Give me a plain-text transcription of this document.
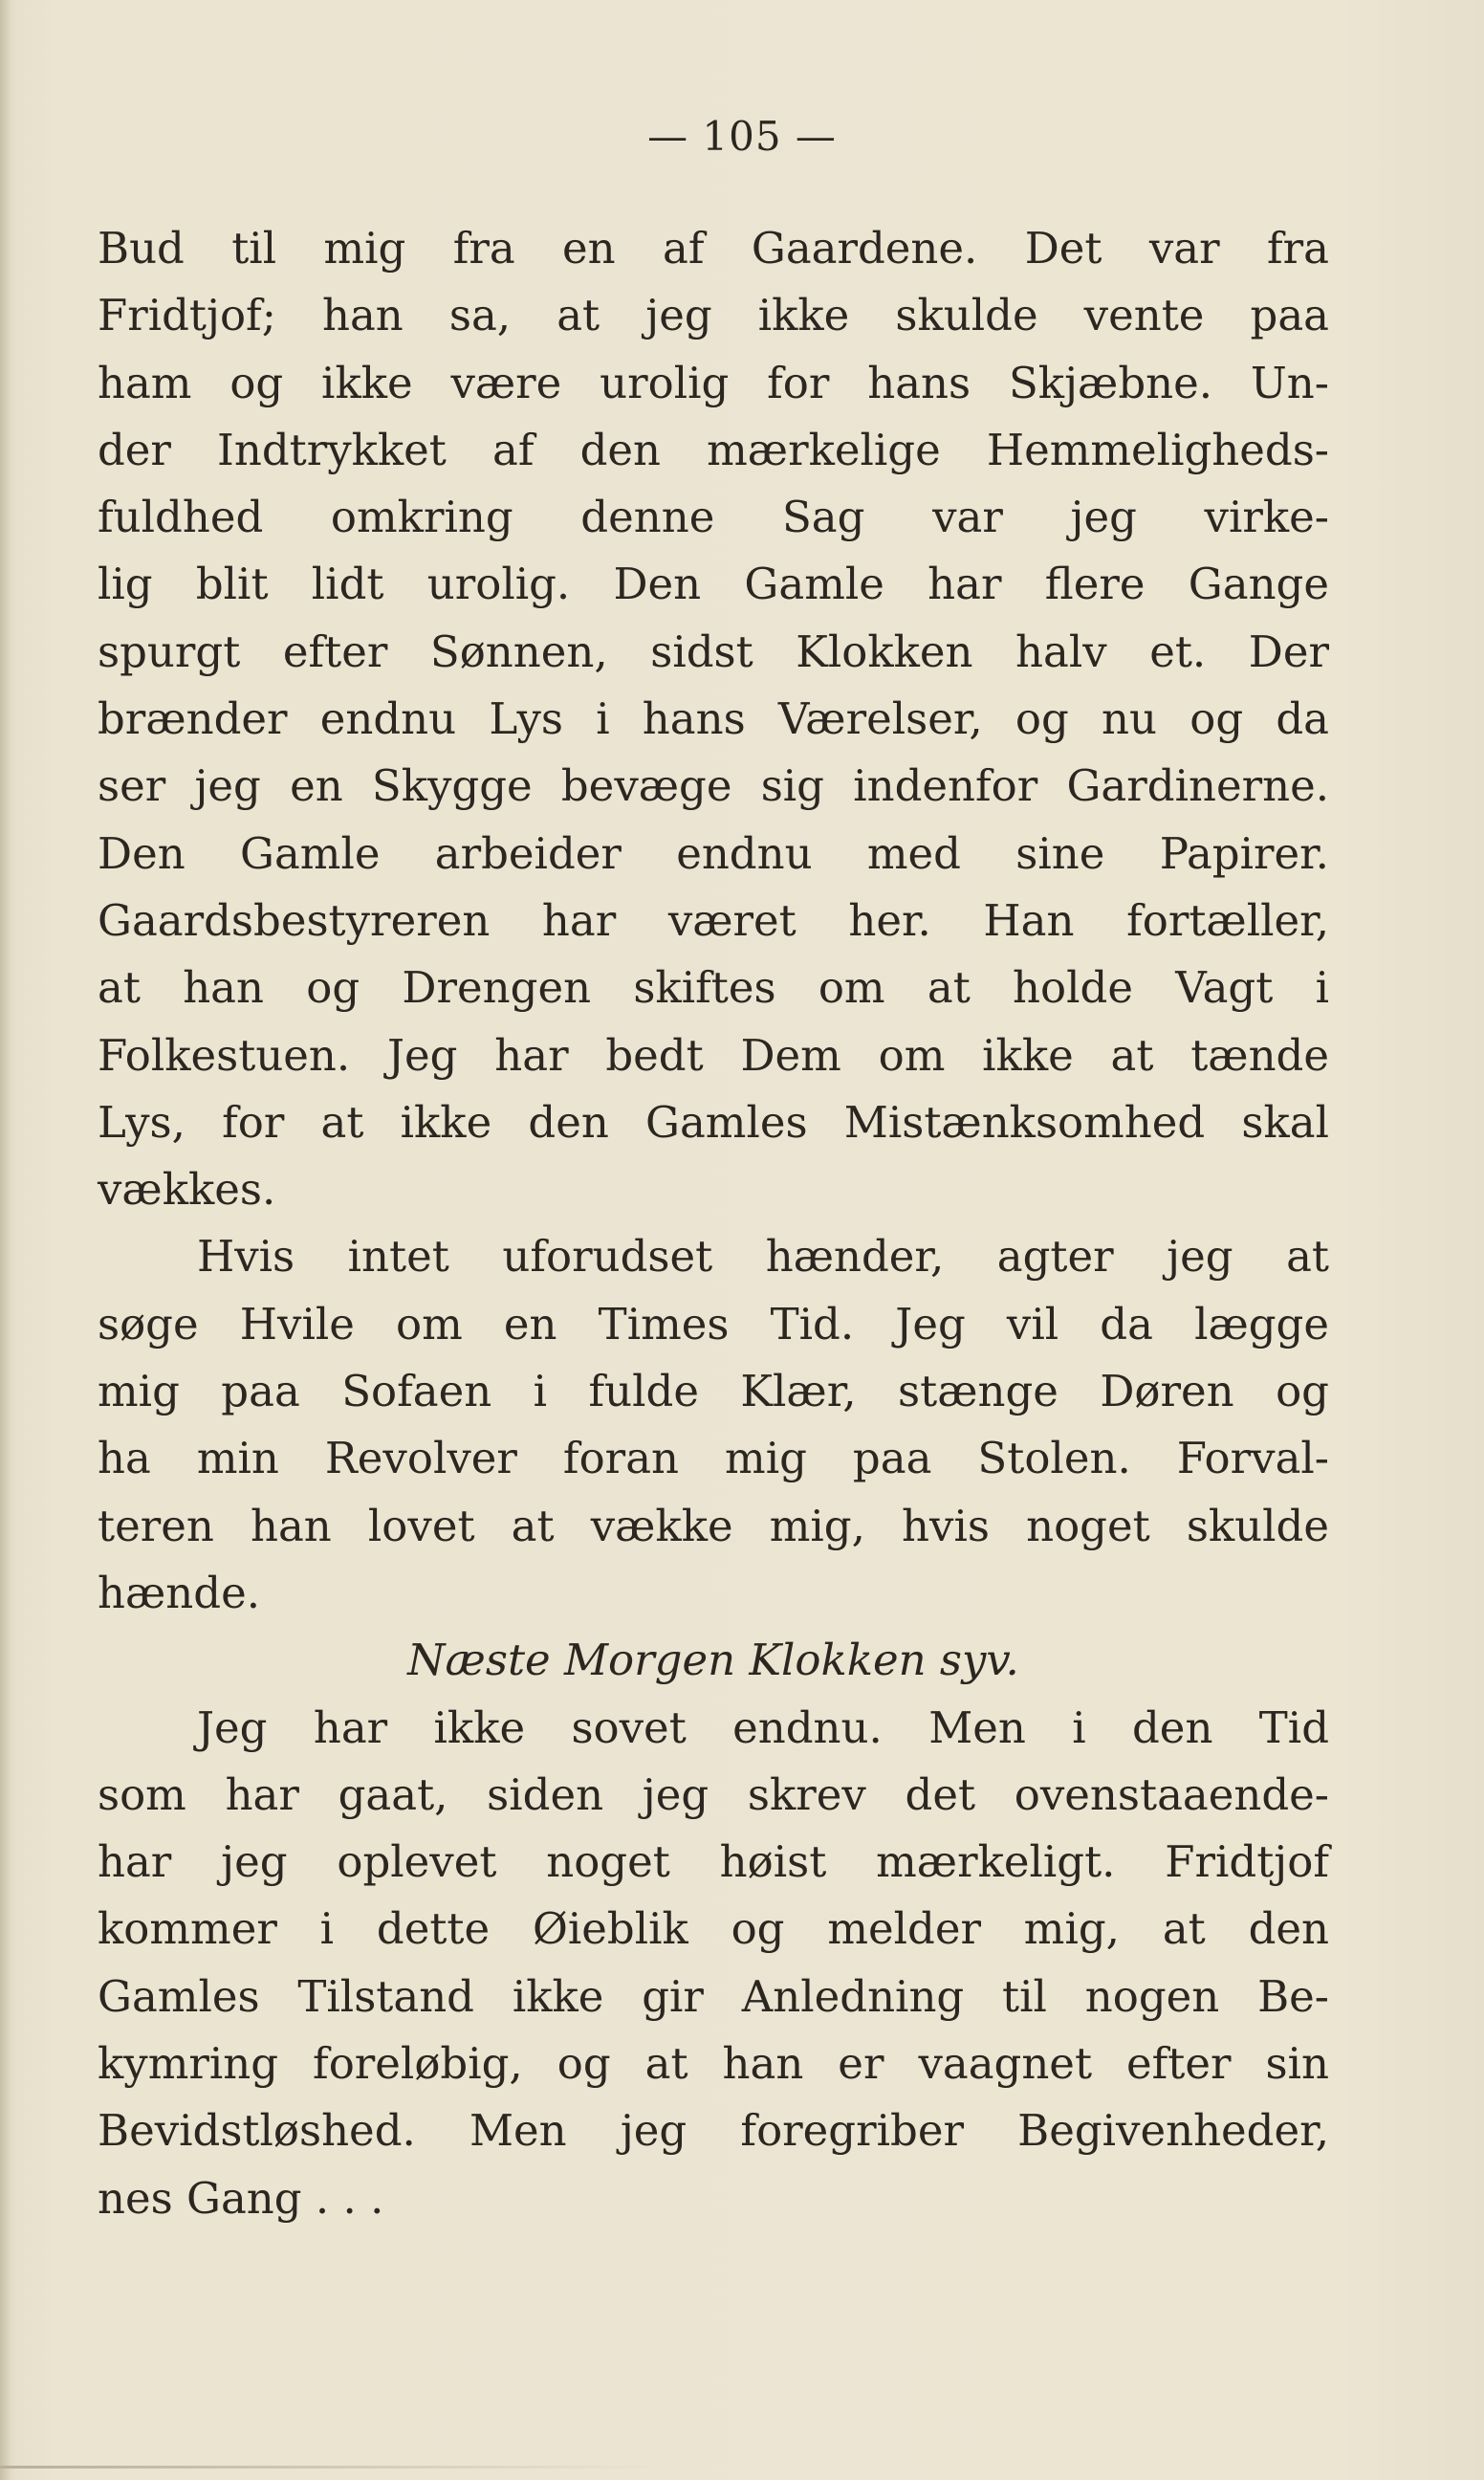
— 105 —
Bud til mig fra en af Gaardene. Det var fra
Fridtjof; han sa, at jeg ikke skulde vente paa
ham og ikke være urolig for hans Skjæbne. Un-
der Indtrykket af den mærkelige Hemmeligheds-
fuldhed omkring denne Sag var jeg virke-
lig blit lidt urolig. Den Gamle har flere Gange
spurgt efter Sønnen, sidst Klokken halv et. Der
brænder endnu Lys i hans Værelser, og nu og da
ser jeg en Skygge bevæge sig indenfor Gardinerne.
Den Gamle arbeider endnu med sine Papirer.
Gaardsbestyreren har været her. Han fortæller,
at han og Drengen skiftes om at holde Vagt i
Folkestuen. Jeg har bedt Dem om ikke at tænde
Lys, for at ikke den Gamles Mistænksomhed skal
vækkes.
Hvis intet uforudset hænder, agter jeg at
søge Hvile om en Times Tid. Jeg vil da lægge
mig paa Sofaen i fulde Klær, stænge Døren og
ha min Revolver foran mig paa Stolen. Forval-
teren han lovet at vække mig, hvis noget skulde
hænde.
Næste Morgen Klokken syv.
Jeg har ikke sovet endnu. Men i den Tid
som har gaat, siden jeg skrev det ovenstaaende-
har jeg oplevet noget høist mærkeligt. Fridtjof
kommer i dette Øieblik og melder mig, at den
Gamles Tilstand ikke gir Anledning til nogen Be-
kymring foreløbig, og at han er vaagnet efter sin
Bevidstløshed. Men jeg foregriber Begivenheder,
nes Gang . . .
